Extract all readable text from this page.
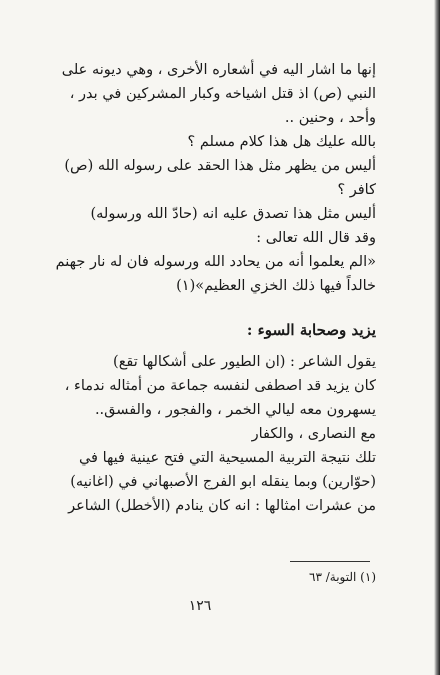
إنها ما اشار اليه في أشعاره الأخرى ، وهي ديونه على
النبي (ص) اذ قتل اشياخه وكبار المشركين في بدر ،
وأحد ، وحنين ..
بالله عليك هل هذا كلام مسلم ؟
أليس من يظهر مثل هذا الحقد على رسوله الله (ص)
كافر ؟
أليس مثل هذا تصدق عليه انه (حادّ الله ورسوله)
وقد قال الله تعالى :
«الم يعلموا أنه من يحادد الله ورسوله فان له نار جهنم
خالداً فيها ذلك الخزي العظيم»(١)
يزيد وصحابة السوء :
يقول الشاعر : (ان الطيور على أشكالها تقع)
كان يزيد قد اصطفى لنفسه جماعة من أمثاله ندماء ،
يسهرون معه ليالي الخمر ، والفجور ، والفسق..
مع النصارى ، والكفار
تلك نتيجة التربية المسيحية التي فتح عينية فيها في
(حوّارين) وبما ينقله ابو الفرج الأصبهاني في (اغانيه)
من عشرات امثالها : انه كان ينادم (الأخطل) الشاعر
(١) التوبة/ ٦٣
١٢٦
